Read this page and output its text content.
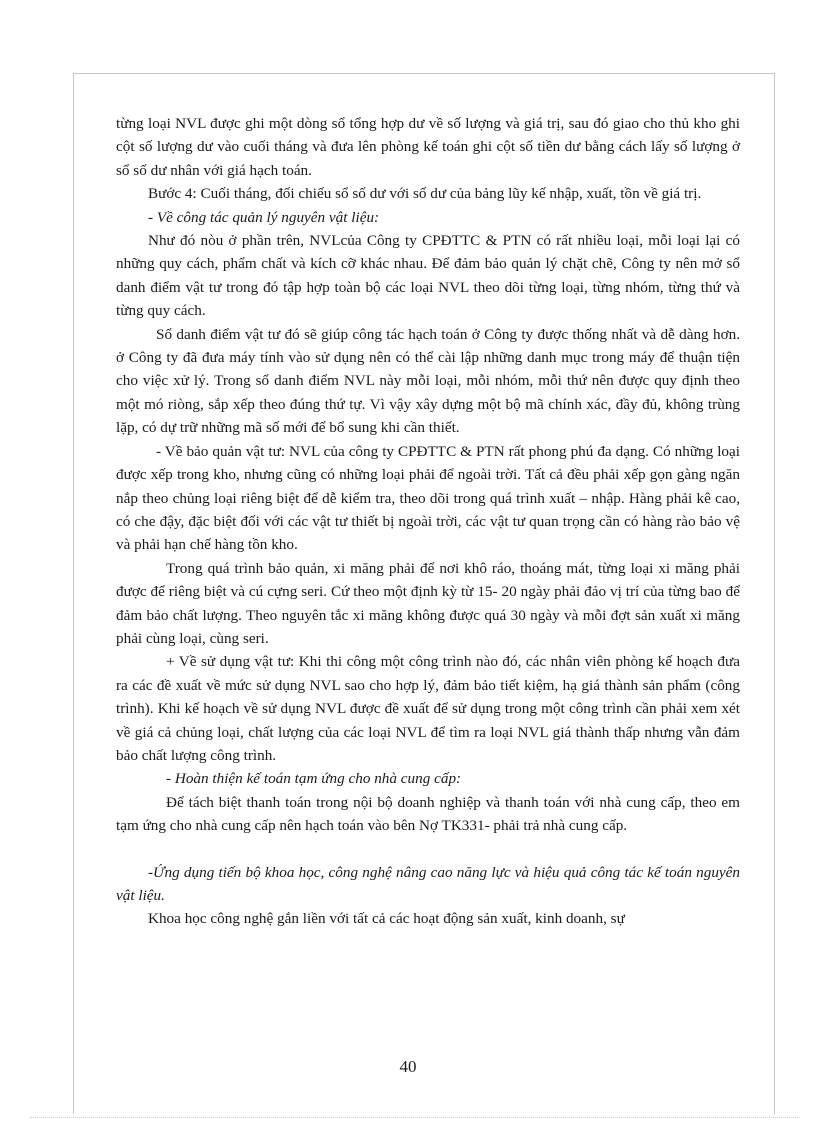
từng loại NVL được ghi một dòng sổ tổng hợp dư về số lượng và giá trị, sau đó giao cho thủ kho ghi cột số lượng dư vào cuối tháng và đưa lên phòng kế toán ghi cột số tiền dư bằng cách lấy số lượng ở sổ số dư nhân với giá hạch toán.

Bước 4: Cuối tháng, đối chiếu sổ số dư với số dư của bảng lũy kế nhập, xuất, tồn về giá trị.

- Về công tác quản lý nguyên vật liệu:

Như đó nòu ở phần trên, NVLcủa Công ty CPĐTTC & PTN có rất nhiều loại, mỗi loại lại có những quy cách, phẩm chất và kích cỡ khác nhau. Để đảm bảo quản lý chặt chẽ, Công ty nên mở sổ danh điểm vật tư trong đó tập hợp toàn bộ các loại NVL theo dõi từng loại, từng nhóm, từng thứ và từng quy cách.

Sổ danh điểm vật tư đó sẽ giúp công tác hạch toán ở Công ty được thống nhất và dễ dàng hơn. ở Công ty đã đưa máy tính vào sử dụng nên có thể cài lập những danh mục trong máy để thuận tiện cho việc xử lý. Trong sổ danh điểm NVL này mỗi loại, mỗi nhóm, mỗi thứ nên được quy định theo một mó riòng, sắp xếp theo đúng thứ tự. Vì vậy xây dựng một bộ mã chính xác, đầy đủ, không trùng lặp, có dự trữ những mã số mới để bổ sung khi cần thiết.

- Về bảo quản vật tư: NVL của công ty CPĐTTC & PTN rất phong phú đa dạng. Có những loại được xếp trong kho, nhưng cũng có những loại phải để ngoài trời. Tất cả đều phải xếp gọn gàng ngăn nắp theo chủng loại riêng biệt để dễ kiểm tra, theo dõi trong quá trình xuất – nhập. Hàng phải kê cao, có che đậy, đặc biệt đối với các vật tư thiết bị ngoài trời, các vật tư quan trọng cần có hàng rào bảo vệ và phải hạn chế hàng tồn kho.

Trong quá trình bảo quản, xi măng phải để nơi khô ráo, thoáng mát, từng loại xi măng phải được để riêng biệt và cú cựng seri. Cứ theo một định kỳ từ 15- 20 ngày phải đảo vị trí của từng bao để đảm bảo chất lượng. Theo nguyên tắc xi măng không được quá 30 ngày và mỗi đợt sản xuất xi măng phải cùng loại, cùng seri.

+ Về sử dụng vật tư: Khi thi công một công trình nào đó, các nhân viên phòng kế hoạch đưa ra các đề xuất về mức sử dụng NVL sao cho hợp lý, đảm bảo tiết kiệm, hạ giá thành sản phẩm (công trình). Khi kế hoạch về sử dụng NVL được đề xuất để sử dụng trong một công trình cần phải xem xét về giá cả chủng loại, chất lượng của các loại NVL để tìm ra loại NVL giá thành thấp nhưng vẫn đảm bảo chất lượng công trình.

- Hoàn thiện kế toán tạm ứng cho nhà cung cấp:

Để tách biệt thanh toán trong nội bộ doanh nghiệp và thanh toán với nhà cung cấp, theo em tạm ứng cho nhà cung cấp nên hạch toán vào bên Nợ TK331- phải trả nhà cung cấp.

-Ứng dụng tiến bộ khoa học, công nghệ nâng cao năng lực và hiệu quả công tác kế toán nguyên vật liệu.

Khoa học công nghệ gắn liền với tất cả các hoạt động sản xuất, kinh doanh, sự

40
